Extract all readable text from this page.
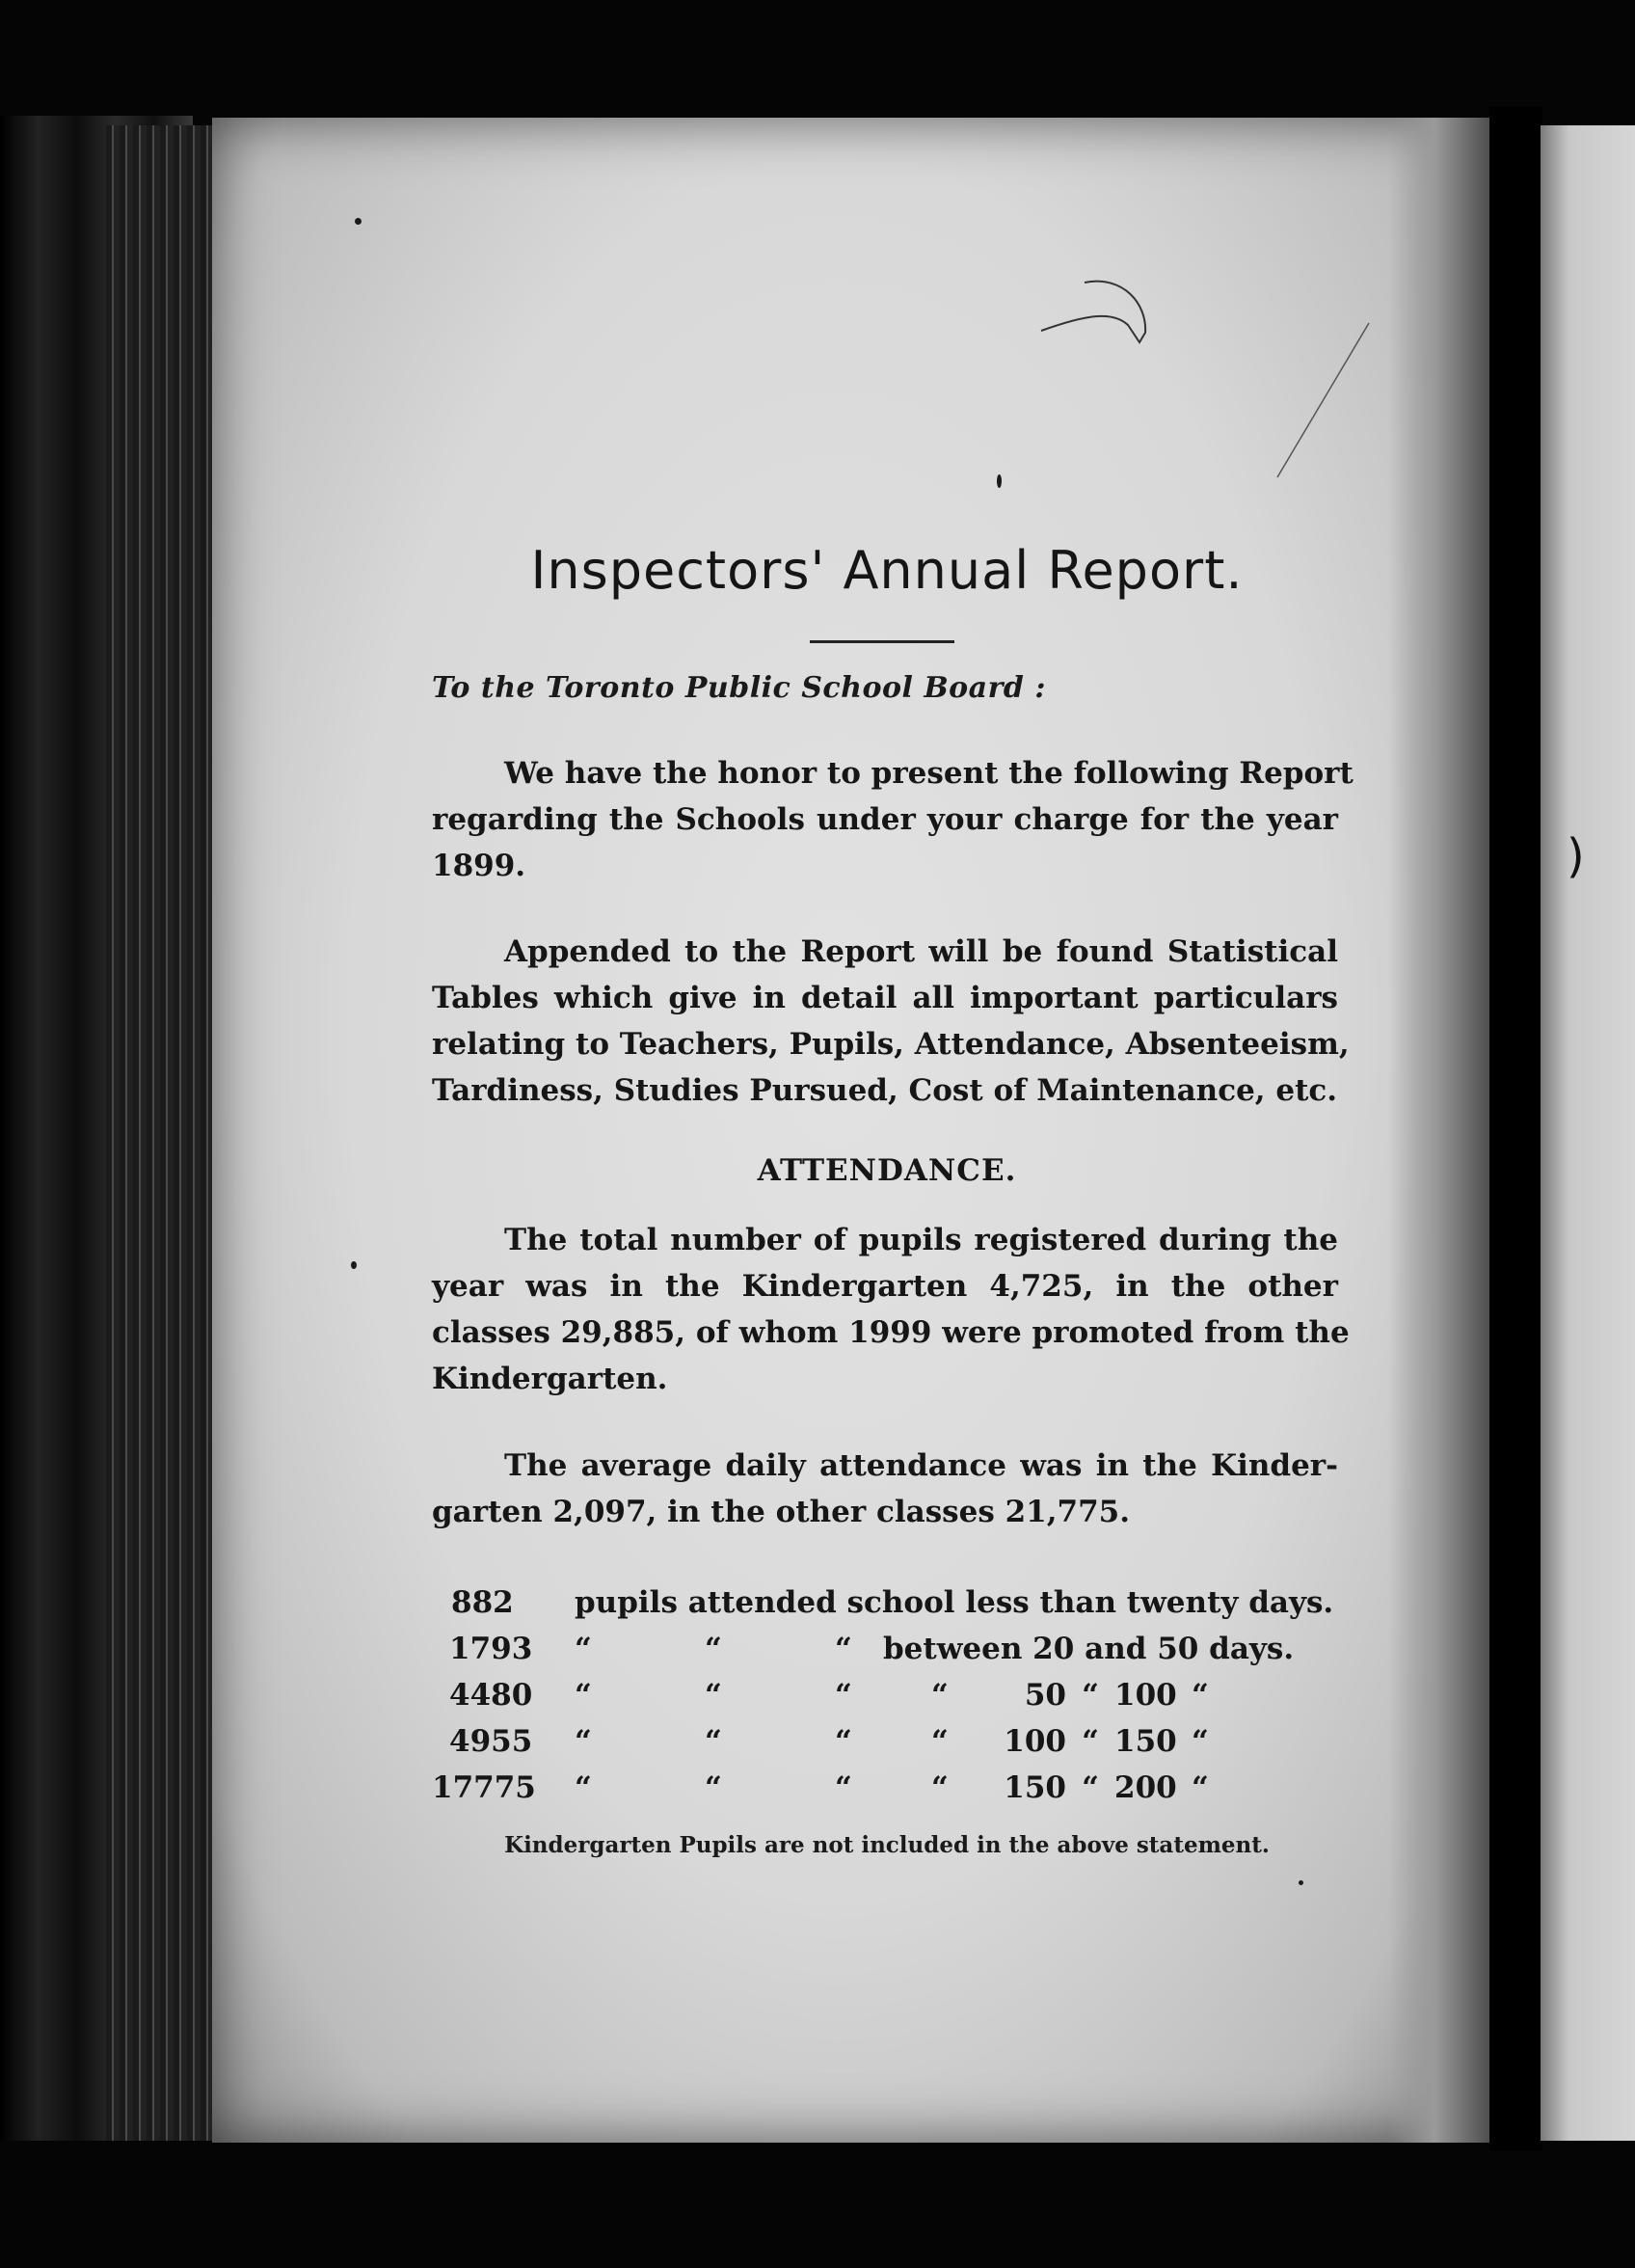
)
Inspectors' Annual Report.
To the Toronto Public School Board :
We have the honor to present the following Report
regarding the Schools under your charge for the year
1899.
Appended to the Report will be found Statistical
Tables which give in detail all important particulars
relating to Teachers, Pupils, Attendance, Absenteeism,
Tardiness, Studies Pursued, Cost of Maintenance, etc.
ATTENDANCE.
The total number of pupils registered during the
year was in the Kindergarten 4,725, in the other
classes 29,885, of whom 1999 were promoted from the
Kindergarten.
The average daily attendance was in the Kinder-
garten 2,097, in the other classes 21,775.
882	pupils attended school less than twenty days.
1793	“ “ “ between 20 and 50 days.
4480	“ “ “ “ 50 “ 100 “
4955	“ “ “ “ 100 “ 150 “
17775	“ “ “ “ 150 “ 200 “
Kindergarten Pupils are not included in the above statement.
